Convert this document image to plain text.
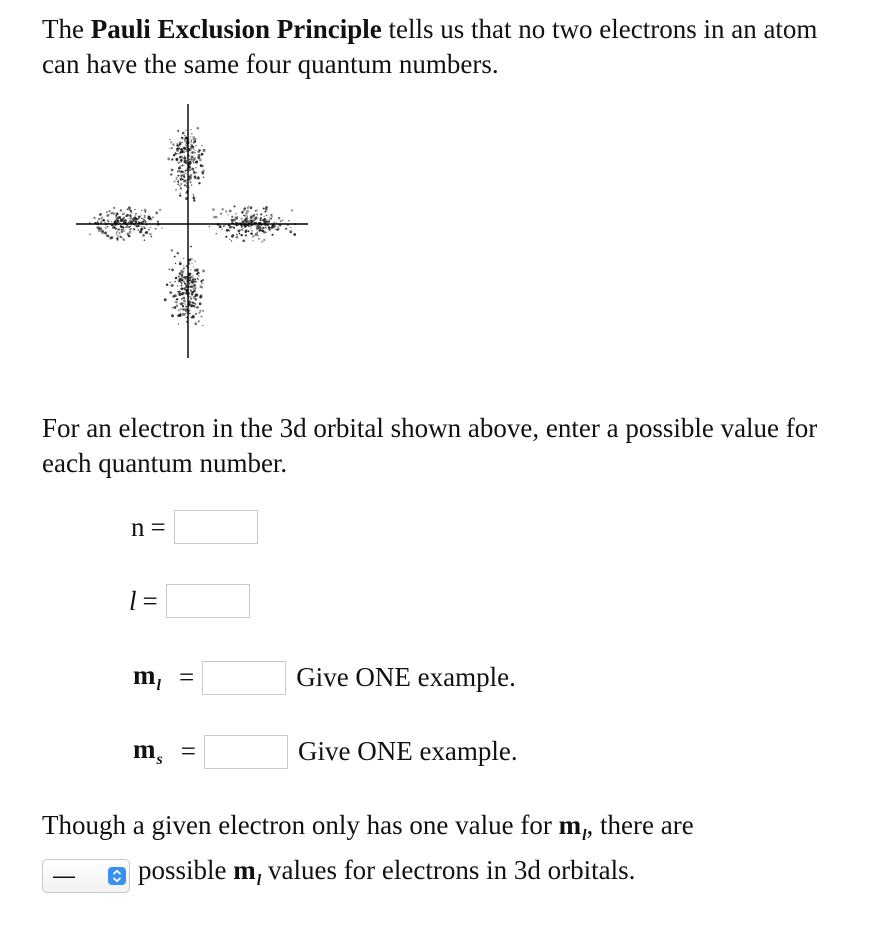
The Pauli Exclusion Principle tells us that no two electrons in an atom can have the same four quantum numbers.

For an electron in the 3d orbital shown above, enter a possible value for each quantum number.

n =
l =
$m_l$ =	Give ONE example.
$m_s$ =	Give ONE example.
Though a given electron only has one value for $m_l$, there are
— possible $m_l$ values for electrons in 3d orbitals.
